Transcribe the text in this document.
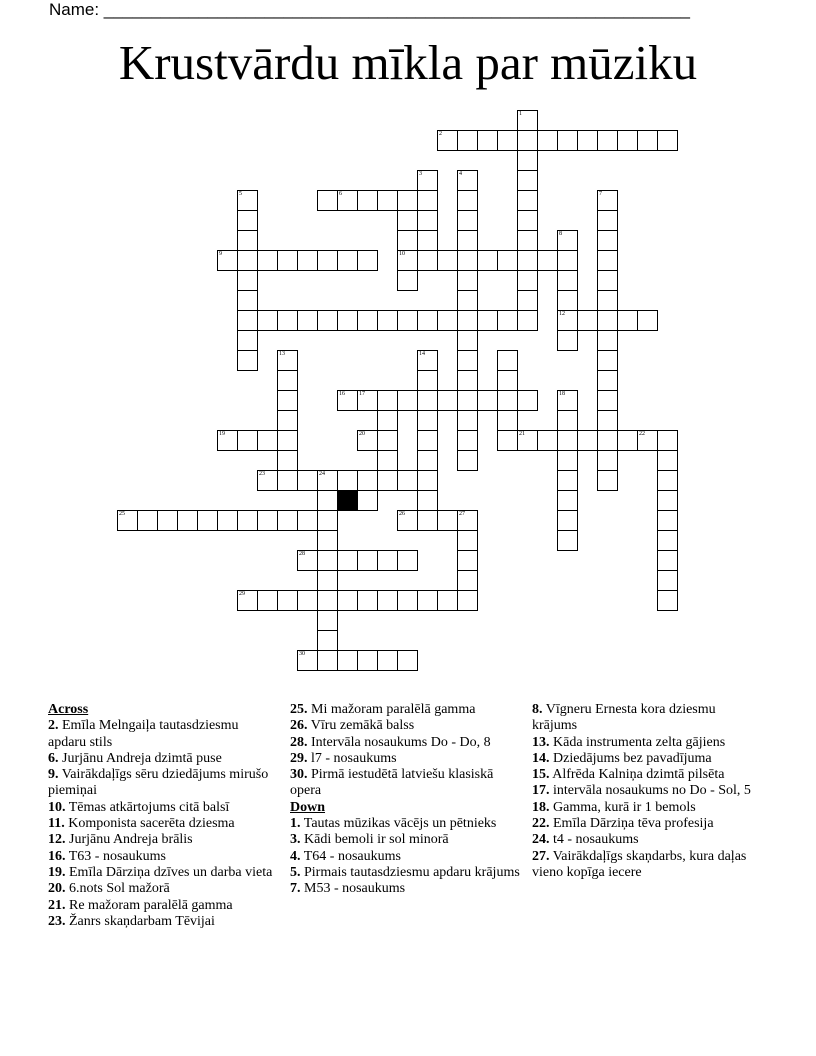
Name: ______________________________________________________________
Krustvārdu mīkla par mūziku
1
2
3	4
5	6	7
8
9	10
12
13	14
16 17	18
19	20	21	22
23	24
25	26	27
28
29
30
Across
2. Emīla Melngaiļa tautasdziesmu apdaru stils
6. Jurjānu Andreja dzimtā puse
9. Vairākdaļīgs sēru dziedājums mirušo piemiņai
10. Tēmas atkārtojums citā balsī
11. Komponista sacerēta dziesma
12. Jurjānu Andreja brālis
16. T63 - nosaukums
19. Emīla Dārziņa dzīves un darba vieta
20. 6.nots Sol mažorā
21. Re mažoram paralēlā gamma
23. Žanrs skaņdarbam Tēvijai
25. Mi mažoram paralēlā gamma
26. Vīru zemākā balss
28. Intervāla nosaukums Do - Do, 8
29. l7 - nosaukums
30. Pirmā iestudētā latviešu klasiskā opera
Down
1. Tautas mūzikas vācējs un pētnieks
3. Kādi bemoli ir sol minorā
4. T64 - nosaukums
5. Pirmais tautasdziesmu apdaru krājums
7. M53 - nosaukums
8. Vīgneru Ernesta kora dziesmu krājums
13. Kāda instrumenta zelta gājiens
14. Dziedājums bez pavadījuma
15. Alfrēda Kalniņa dzimtā pilsēta
17. intervāla nosaukums no Do - Sol, 5
18. Gamma, kurā ir 1 bemols
22. Emīla Dārziņa tēva profesija
24. t4 - nosaukums
27. Vairākdaļīgs skaņdarbs, kura daļas vieno kopīga iecere
